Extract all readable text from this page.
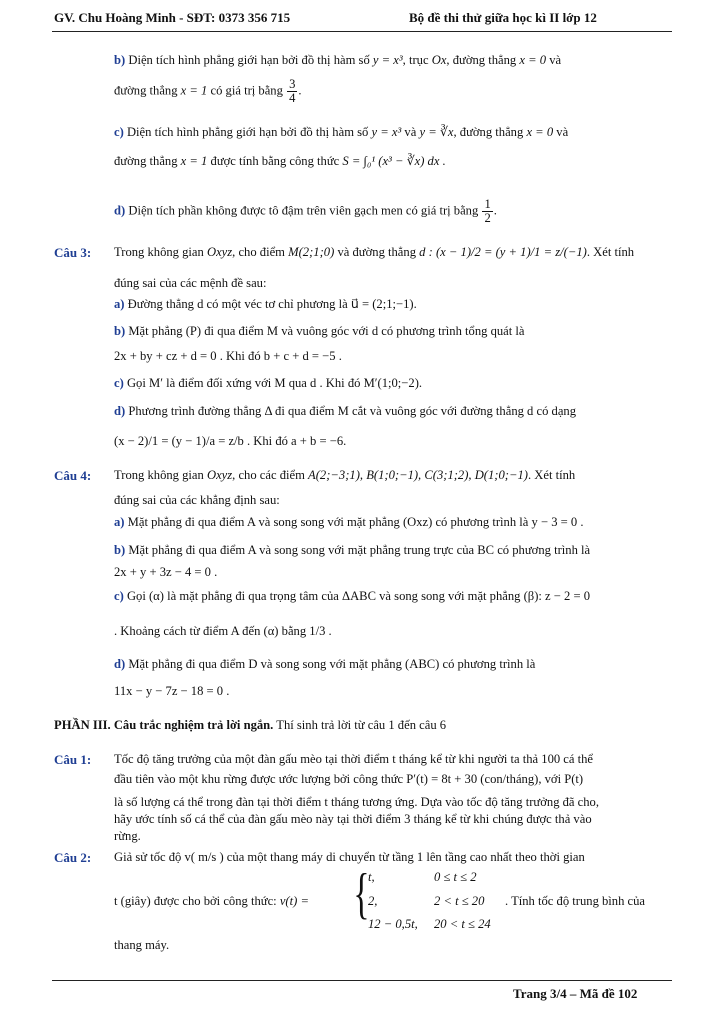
GV. Chu Hoàng Minh - SĐT: 0373 356 715	Bộ đề thi thử giữa học kì II lớp 12
b) Diện tích hình phẳng giới hạn bởi đồ thị hàm số y = x³, trục Ox, đường thẳng x = 0 và
đường thẳng x = 1 có giá trị bằng $\frac{3}{4}$ .
c) Diện tích hình phẳng giới hạn bởi đồ thị hàm số y = x³ và y = ∛x, đường thẳng x = 0 và
đường thẳng x = 1 được tính bằng công thức S = ∫₀¹ (x³ − ∛x) dx .
d) Diện tích phần không được tô đậm trên viên gạch men có giá trị bằng $\frac{1}{2}$ .
Câu 3: Trong không gian Oxyz, cho điểm M(2;1;0) và đường thẳng d : (x − 1)/2 = (y + 1)/1 = z/(−1). Xét tính
đúng sai của các mệnh đề sau:
a) Đường thẳng d có một véc tơ chỉ phương là u⃗ = (2;1;−1).
b) Mặt phẳng (P) đi qua điểm M và vuông góc với d có phương trình tổng quát là
2x + by + cz + d = 0 . Khi đó b + c + d = −5 .
c) Gọi M′ là điểm đối xứng với M qua d . Khi đó M′(1;0;−2).
d) Phương trình đường thẳng Δ đi qua điểm M cắt và vuông góc với đường thẳng d có dạng
(x − 2)/1 = (y − 1)/a = z/b . Khi đó a + b = −6.
Câu 4: Trong không gian Oxyz, cho các điểm A(2;−3;1), B(1;0;−1), C(3;1;2), D(1;0;−1). Xét tính
đúng sai của các khẳng định sau:
a) Mặt phẳng đi qua điểm A và song song với mặt phẳng (Oxz) có phương trình là y − 3 = 0 .
b) Mặt phẳng đi qua điểm A và song song với mặt phẳng trung trực của BC có phương trình là
2x + y + 3z − 4 = 0 .
c) Gọi (α) là mặt phẳng đi qua trọng tâm của ΔABC và song song với mặt phẳng (β): z − 2 = 0
. Khoảng cách từ điểm A đến (α) bằng 1/3 .
d) Mặt phẳng đi qua điểm D và song song với mặt phẳng (ABC) có phương trình là
11x − y − 7z − 18 = 0 .
PHẦN III. Câu trắc nghiệm trả lời ngắn. Thí sinh trả lời từ câu 1 đến câu 6
Câu 1: Tốc độ tăng trưởng của một đàn gấu mèo tại thời điểm t tháng kể từ khi người ta thả 100 cá thể
đầu tiên vào một khu rừng được ước lượng bởi công thức P′(t) = 8t + 30 (con/tháng), với P(t)
là số lượng cá thể trong đàn tại thời điểm t tháng tương ứng. Dựa vào tốc độ tăng trưởng đã cho,
hãy ước tính số cá thể của đàn gấu mèo này tại thời điểm 3 tháng kể từ khi chúng được thả vào
rừng.
Câu 2: Giả sử tốc độ v( m/s ) của một thang máy di chuyển từ tầng 1 lên tầng cao nhất theo thời gian
t (giây) được cho bởi công thức: v(t) = {
t,	0 ≤ t ≤ 2
2,	2 < t ≤ 20
12 − 0,5t, 20 < t ≤ 24
. Tính tốc độ trung bình của
thang máy.
Trang 3/4 – Mã đề 102
